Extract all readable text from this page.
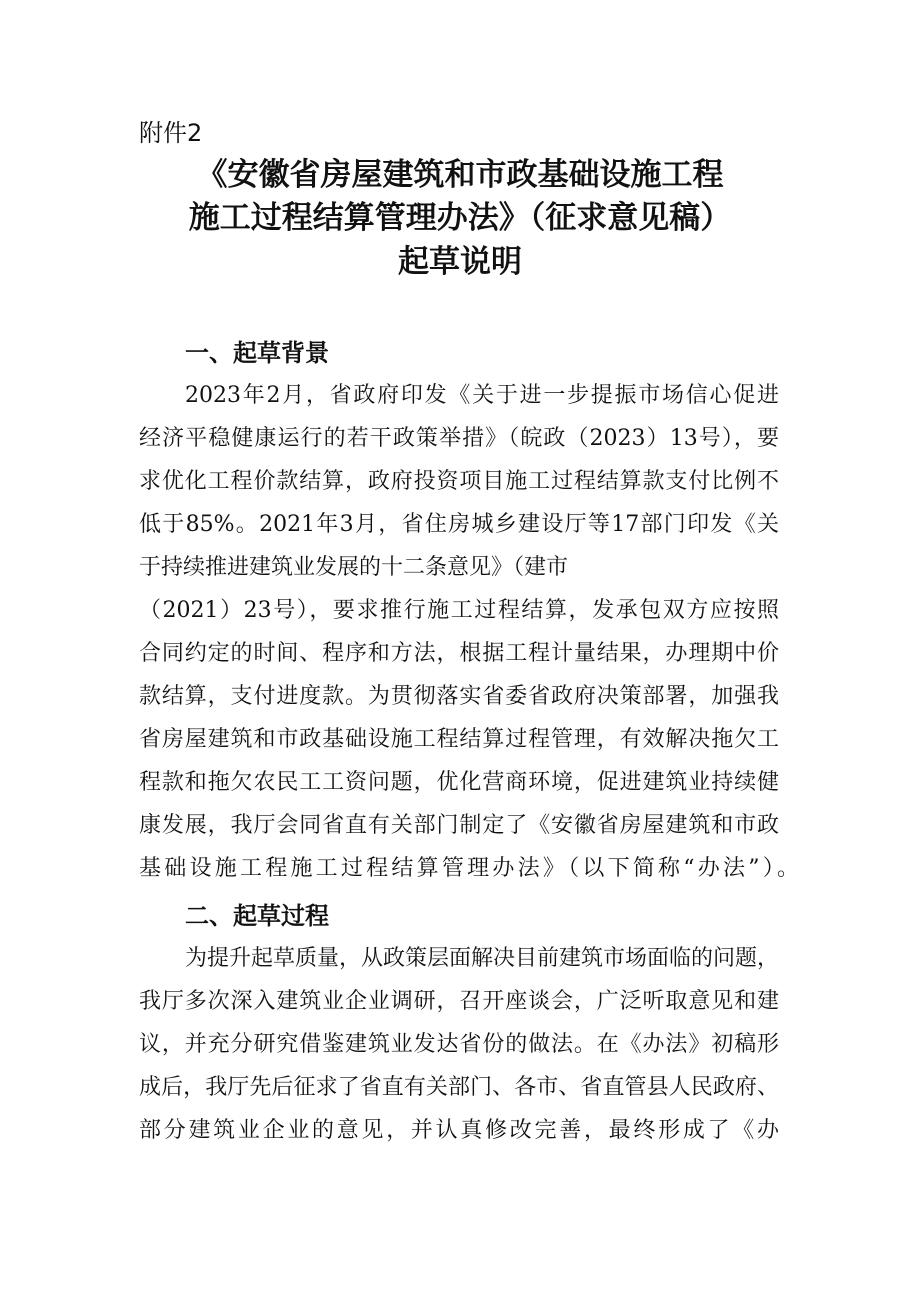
附件2
《安徽省房屋建筑和市政基础设施工程
施工过程结算管理办法》（征求意见稿）
起草说明
一、起草背景
2023年2月，省政府印发《关于进一步提振市场信心促进
经济平稳健康运行的若干政策举措》（皖政（2023）13号），要
求优化工程价款结算，政府投资项目施工过程结算款支付比例不
低于85%。2021年3月，省住房城乡建设厅等17部门印发《关
于持续推进建筑业发展的十二条意见》（建市
（2021）23号），要求推行施工过程结算，发承包双方应按照
合同约定的时间、程序和方法，根据工程计量结果，办理期中价
款结算，支付进度款。为贯彻落实省委省政府决策部署，加强我
省房屋建筑和市政基础设施工程结算过程管理，有效解决拖欠工
程款和拖欠农民工工资问题，优化营商环境，促进建筑业持续健
康发展，我厅会同省直有关部门制定了《安徽省房屋建筑和市政
基础设施工程施工过程结算管理办法》（以下简称“办法”）。
二、起草过程
为提升起草质量，从政策层面解决目前建筑市场面临的问题，
我厅多次深入建筑业企业调研，召开座谈会，广泛听取意见和建
议，并充分研究借鉴建筑业发达省份的做法。在《办法》初稿形
成后，我厅先后征求了省直有关部门、各市、省直管县人民政府、
部分建筑业企业的意见，并认真修改完善，最终形成了《办
